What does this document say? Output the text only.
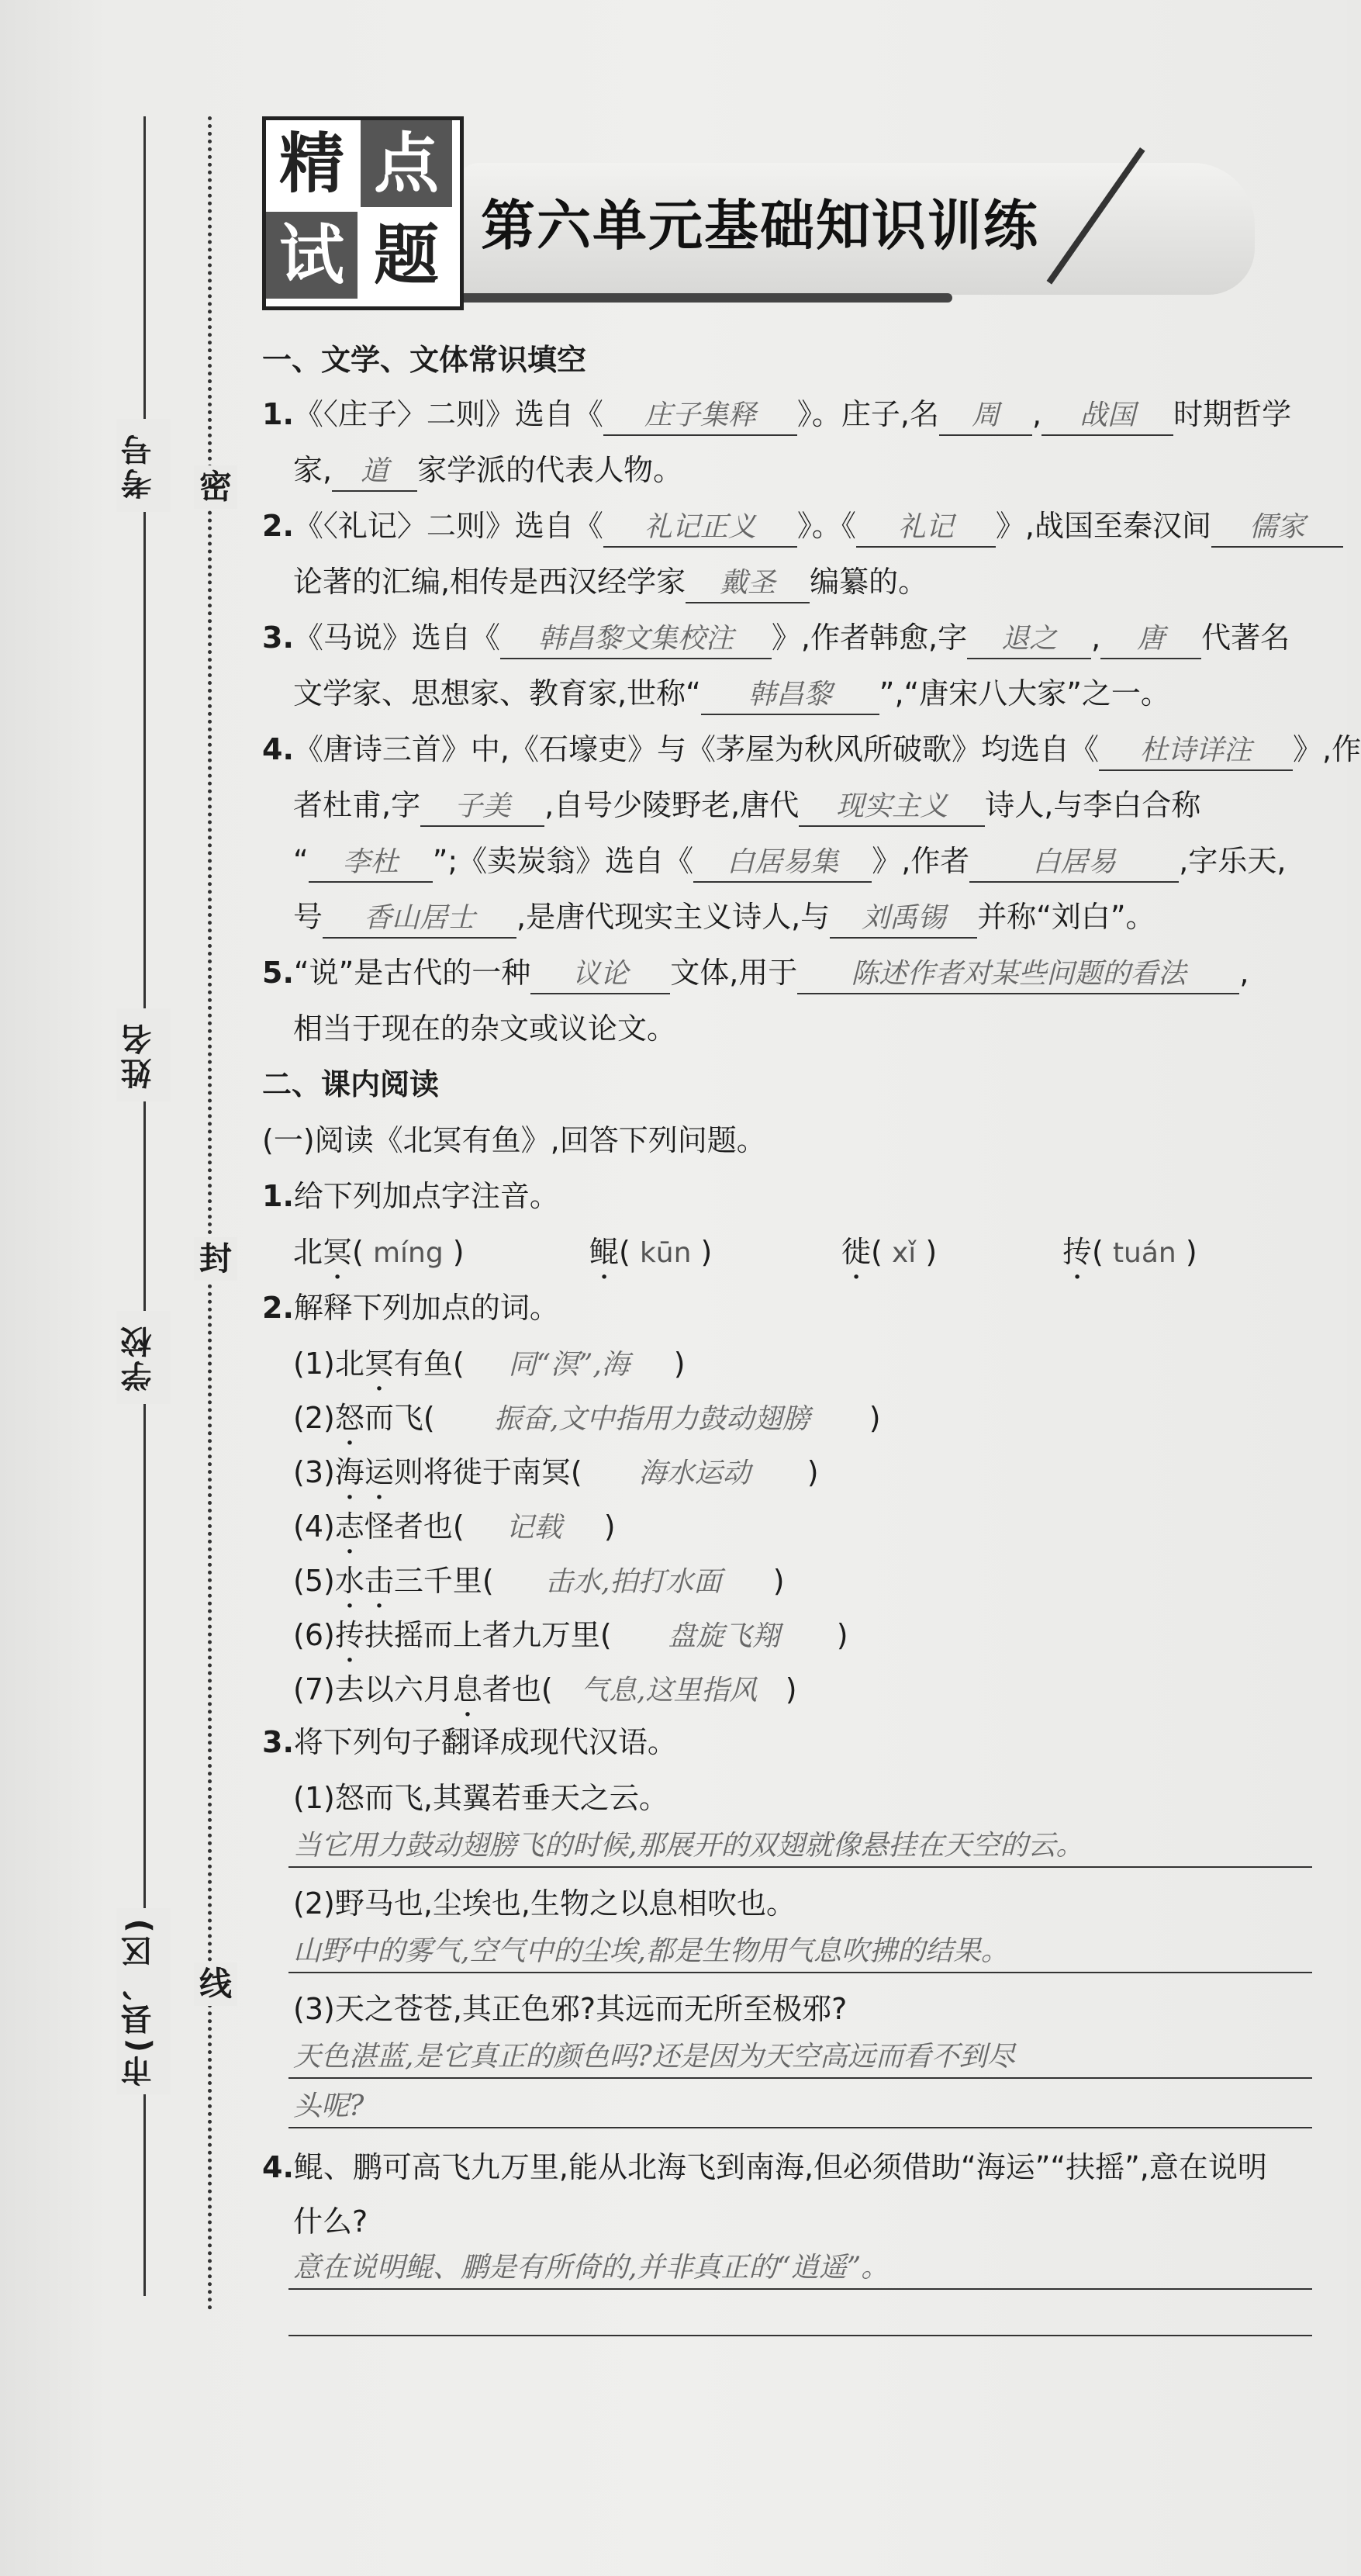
考号
姓名
学校
市(县、区)
密
封
线
精 点
试 题 第六单元基础知识训练
一、文学、文体常识填空
1.《〈庄子〉二则》选自《 庄子集释 》。庄子,名 周 , 战国 时期哲学
家, 道 家学派的代表人物。
2.《〈礼记〉二则》选自《 礼记正义 》。《 礼记 》,战国至秦汉间 儒家
论著的汇编,相传是西汉经学家 戴圣 编纂的。
3.《马说》选自《 韩昌黎文集校注 》,作者韩愈,字 退之 , 唐 代著名
文学家、思想家、教育家,世称“ 韩昌黎 ”,“唐宋八大家”之一。
4.《唐诗三首》中,《石壕吏》与《茅屋为秋风所破歌》均选自《 杜诗详注 》,作
者杜甫,字 子美 ,自号少陵野老,唐代 现实主义 诗人,与李白合称
“ 李杜 ”;《卖炭翁》选自《 白居易集 》,作者 白居易 ,字乐天,
号 香山居士 ,是唐代现实主义诗人,与 刘禹锡 并称“刘白”。
5.“说”是古代的一种 议论 文体,用于 陈述作者对某些问题的看法 ,
相当于现在的杂文或议论文。
二、课内阅读
(一)阅读《北冥有鱼》,回答下列问题。
1.给下列加点字注音。
北冥( míng )	鲲( kūn )	徙( xǐ )	抟( tuán )
2.解释下列加点的词。
(1)北冥有鱼( 同“溟”,海 )
(2)怒而飞( 振奋,文中指用力鼓动翅膀 )
(3)海运则将徙于南冥( 海水运动 )
(4)志怪者也( 记载 )
(5)水击三千里( 击水,拍打水面 )
(6)抟扶摇而上者九万里( 盘旋飞翔 )
(7)去以六月息者也( 气息,这里指风 )
3.将下列句子翻译成现代汉语。
(1)怒而飞,其翼若垂天之云。
当它用力鼓动翅膀飞的时候,那展开的双翅就像悬挂在天空的云。
(2)野马也,尘埃也,生物之以息相吹也。
山野中的雾气,空气中的尘埃,都是生物用气息吹拂的结果。
(3)天之苍苍,其正色邪?其远而无所至极邪?
天色湛蓝,是它真正的颜色吗?还是因为天空高远而看不到尽
头呢?
4.鲲、鹏可高飞九万里,能从北海飞到南海,但必须借助“海运”“扶摇”,意在说明
什么?
意在说明鲲、鹏是有所倚的,并非真正的“逍遥”。
